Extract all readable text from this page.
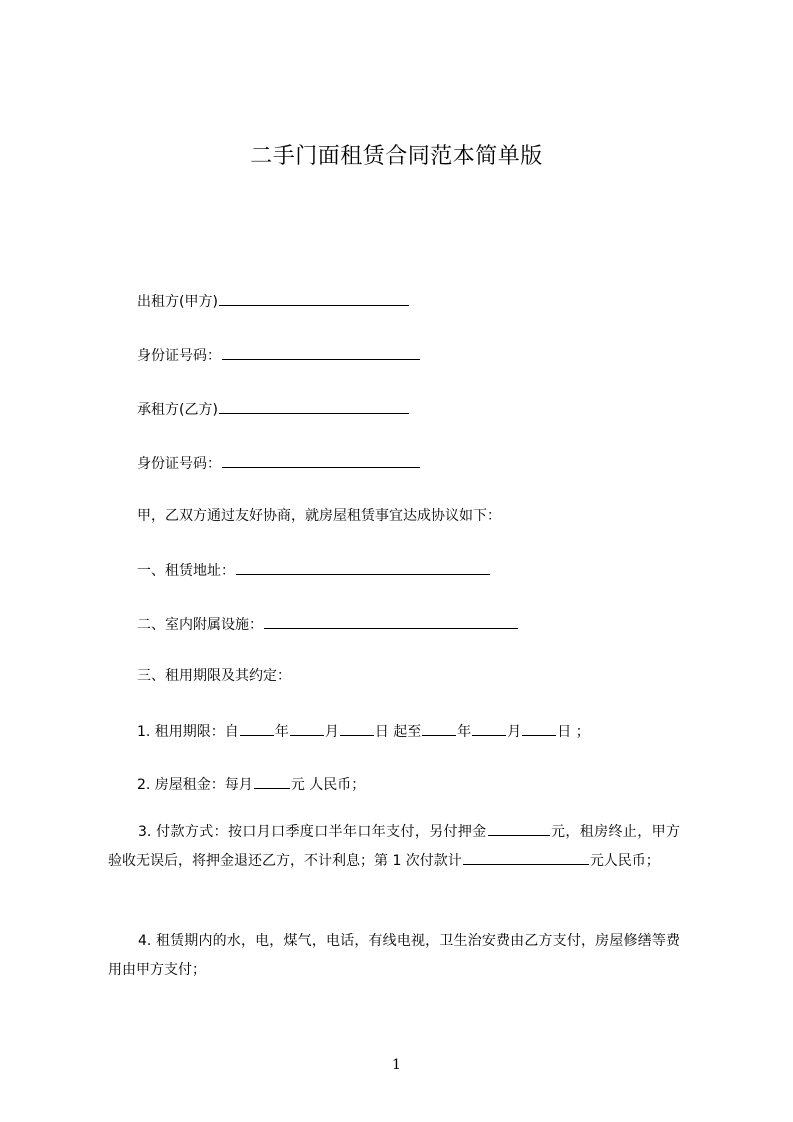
二手门面租赁合同范本简单版
出租方(甲方)
身份证号码：
承租方(乙方)
身份证号码：
甲，乙双方通过友好协商，就房屋租赁事宜达成协议如下：
一、租赁地址：
二、室内附属设施：
三、租用期限及其约定：
1. 租用期限：自	年	月	日 起至	年	月	日 ；
2. 房屋租金：每月	元 人民币；
3. 付款方式：按口月口季度口半年口年支付，另付押金	元，租房终止，甲方验收无误后，将押金退还乙方，不计利息；第 1 次付款计	元人民币；
4. 租赁期内的水，电，煤气，电话，有线电视，卫生治安费由乙方支付，房屋修缮等费用由甲方支付；
1
